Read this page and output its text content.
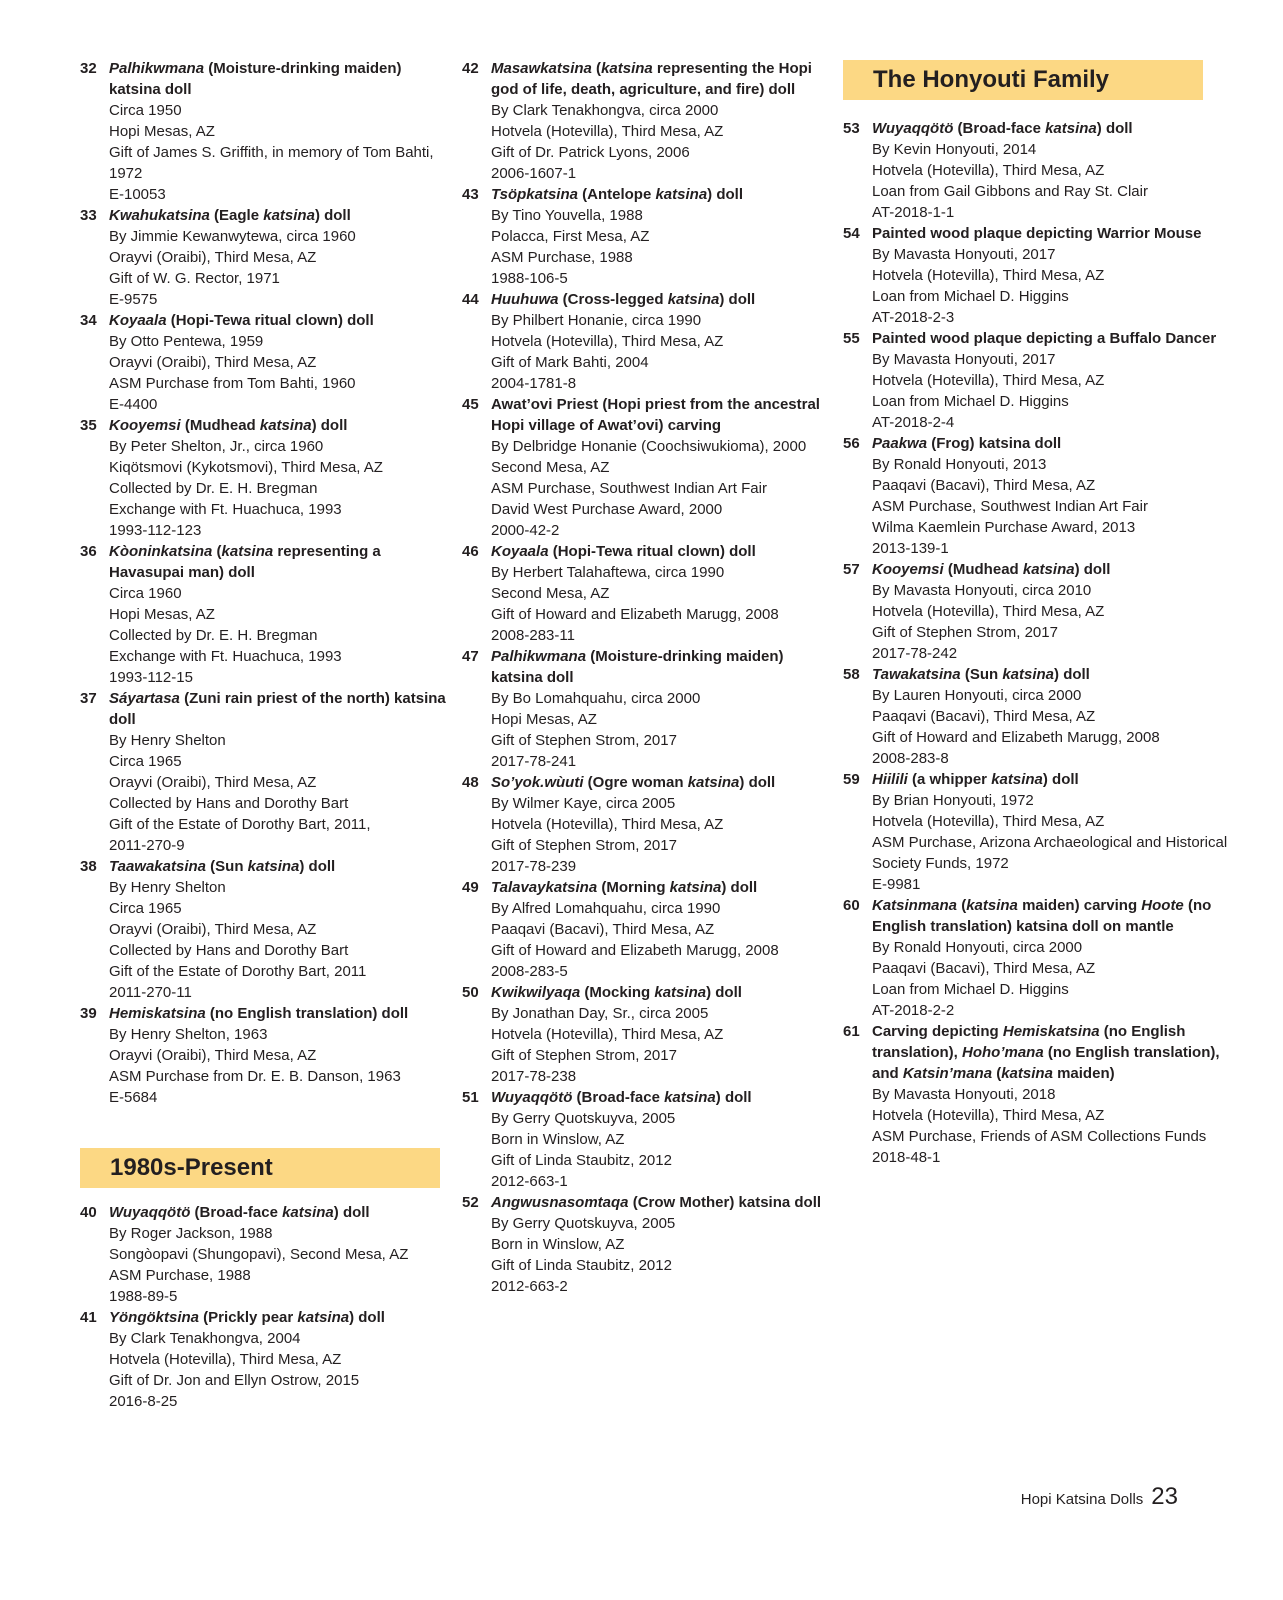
32 Palhikwmana (Moisture-drinking maiden) katsina doll
Circa 1950
Hopi Mesas, AZ
Gift of James S. Griffith, in memory of Tom Bahti, 1972
E-10053
33 Kwahukatsina (Eagle katsina) doll
By Jimmie Kewanwytewa, circa 1960
Orayvi (Oraibi), Third Mesa, AZ
Gift of W. G. Rector, 1971
E-9575
34 Koyaala (Hopi-Tewa ritual clown) doll
By Otto Pentewa, 1959
Orayvi (Oraibi), Third Mesa, AZ
ASM Purchase from Tom Bahti, 1960
E-4400
35 Kooyemsi (Mudhead katsina) doll
By Peter Shelton, Jr., circa 1960
Kiqötsmovi (Kykotsmovi), Third Mesa, AZ
Collected by Dr. E. H. Bregman
Exchange with Ft. Huachuca, 1993
1993-112-123
36 Kòoninkatsina (katsina representing a Havasupai man) doll
Circa 1960
Hopi Mesas, AZ
Collected by Dr. E. H. Bregman
Exchange with Ft. Huachuca, 1993
1993-112-15
37 Sáyartasa (Zuni rain priest of the north) katsina doll
By Henry Shelton
Circa 1965
Orayvi (Oraibi), Third Mesa, AZ
Collected by Hans and Dorothy Bart
Gift of the Estate of Dorothy Bart, 2011,
2011-270-9
38 Taawakatsina (Sun katsina) doll
By Henry Shelton
Circa 1965
Orayvi (Oraibi), Third Mesa, AZ
Collected by Hans and Dorothy Bart
Gift of the Estate of Dorothy Bart, 2011
2011-270-11
39 Hemiskatsina (no English translation) doll
By Henry Shelton, 1963
Orayvi (Oraibi), Third Mesa, AZ
ASM Purchase from Dr. E. B. Danson, 1963
E-5684
1980s-Present
40 Wuyaqqötö (Broad-face katsina) doll
By Roger Jackson, 1988
Songòopavi (Shungopavi), Second Mesa, AZ
ASM Purchase, 1988
1988-89-5
41 Yöngöktsina (Prickly pear katsina) doll
By Clark Tenakhongva, 2004
Hotvela (Hotevilla), Third Mesa, AZ
Gift of Dr. Jon and Ellyn Ostrow, 2015
2016-8-25
42 Masawkatsina (katsina representing the Hopi god of life, death, agriculture, and fire) doll
By Clark Tenakhongva, circa 2000
Hotvela (Hotevilla), Third Mesa, AZ
Gift of Dr. Patrick Lyons, 2006
2006-1607-1
43 Tsöpkatsina (Antelope katsina) doll
By Tino Youvella, 1988
Polacca, First Mesa, AZ
ASM Purchase, 1988
1988-106-5
44 Huuhuwa (Cross-legged katsina) doll
By Philbert Honanie, circa 1990
Hotvela (Hotevilla), Third Mesa, AZ
Gift of Mark Bahti, 2004
2004-1781-8
45 Awat’ovi Priest (Hopi priest from the ancestral Hopi village of Awat’ovi) carving
By Delbridge Honanie (Coochsiwukioma), 2000
Second Mesa, AZ
ASM Purchase, Southwest Indian Art Fair
David West Purchase Award, 2000
2000-42-2
46 Koyaala (Hopi-Tewa ritual clown) doll
By Herbert Talahaftewa, circa 1990
Second Mesa, AZ
Gift of Howard and Elizabeth Marugg, 2008
2008-283-11
47 Palhikwmana (Moisture-drinking maiden) katsina doll
By Bo Lomahquahu, circa 2000
Hopi Mesas, AZ
Gift of Stephen Strom, 2017
2017-78-241
48 So’yok.wùuti (Ogre woman katsina) doll
By Wilmer Kaye, circa 2005
Hotvela (Hotevilla), Third Mesa, AZ
Gift of Stephen Strom, 2017
2017-78-239
49 Talavaykatsina (Morning katsina) doll
By Alfred Lomahquahu, circa 1990
Paaqavi (Bacavi), Third Mesa, AZ
Gift of Howard and Elizabeth Marugg, 2008
2008-283-5
50 Kwikwilyaqa (Mocking katsina) doll
By Jonathan Day, Sr., circa 2005
Hotvela (Hotevilla), Third Mesa, AZ
Gift of Stephen Strom, 2017
2017-78-238
51 Wuyaqqötö (Broad-face katsina) doll
By Gerry Quotskuyva, 2005
Born in Winslow, AZ
Gift of Linda Staubitz, 2012
2012-663-1
52 Angwusnasomtaqa (Crow Mother) katsina doll
By Gerry Quotskuyva, 2005
Born in Winslow, AZ
Gift of Linda Staubitz, 2012
2012-663-2
The Honyouti Family
53 Wuyaqqötö (Broad-face katsina) doll
By Kevin Honyouti, 2014
Hotvela (Hotevilla), Third Mesa, AZ
Loan from Gail Gibbons and Ray St. Clair
AT-2018-1-1
54 Painted wood plaque depicting Warrior Mouse
By Mavasta Honyouti, 2017
Hotvela (Hotevilla), Third Mesa, AZ
Loan from Michael D. Higgins
AT-2018-2-3
55 Painted wood plaque depicting a Buffalo Dancer
By Mavasta Honyouti, 2017
Hotvela (Hotevilla), Third Mesa, AZ
Loan from Michael D. Higgins
AT-2018-2-4
56 Paakwa (Frog) katsina doll
By Ronald Honyouti, 2013
Paaqavi (Bacavi), Third Mesa, AZ
ASM Purchase, Southwest Indian Art Fair
Wilma Kaemlein Purchase Award, 2013
2013-139-1
57 Kooyemsi (Mudhead katsina) doll
By Mavasta Honyouti, circa 2010
Hotvela (Hotevilla), Third Mesa, AZ
Gift of Stephen Strom, 2017
2017-78-242
58 Tawakatsina (Sun katsina) doll
By Lauren Honyouti, circa 2000
Paaqavi (Bacavi), Third Mesa, AZ
Gift of Howard and Elizabeth Marugg, 2008
2008-283-8
59 Hiilili (a whipper katsina) doll
By Brian Honyouti, 1972
Hotvela (Hotevilla), Third Mesa, AZ
ASM Purchase, Arizona Archaeological and Historical Society Funds, 1972
E-9981
60 Katsinmana (katsina maiden) carving Hoote (no English translation) katsina doll on mantle
By Ronald Honyouti, circa 2000
Paaqavi (Bacavi), Third Mesa, AZ
Loan from Michael D. Higgins
AT-2018-2-2
61 Carving depicting Hemiskatsina (no English translation), Hoho’mana (no English translation), and Katsin’mana (katsina maiden)
By Mavasta Honyouti, 2018
Hotvela (Hotevilla), Third Mesa, AZ
ASM Purchase, Friends of ASM Collections Funds
2018-48-1
Hopi Katsina Dolls 23
